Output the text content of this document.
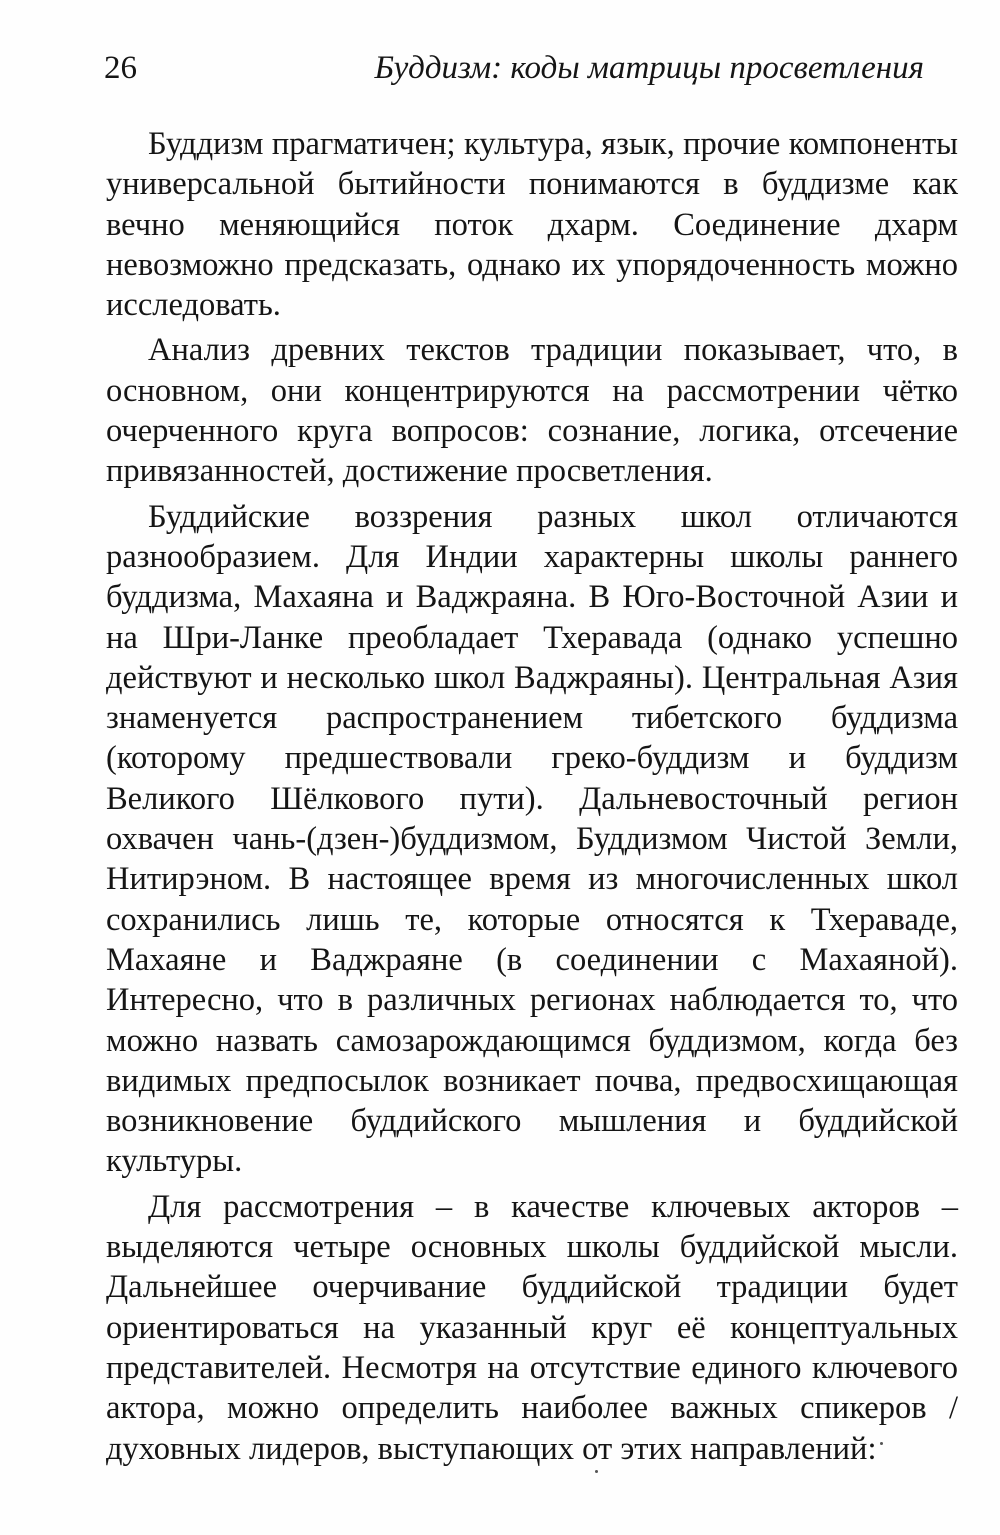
26	Буддизм: коды матрицы просветления

Буддизм прагматичен; культура, язык, прочие компоненты универсальной бытийности понимаются в буддизме как вечно меняющийся поток дхарм. Соединение дхарм невозможно предсказать, однако их упорядоченность можно исследовать.

Анализ древних текстов традиции показывает, что, в основном, они концентрируются на рассмотрении чётко очерченного круга вопросов: сознание, логика, отсечение привязанностей, достижение просветления.

Буддийские воззрения разных школ отличаются разнообразием. Для Индии характерны школы раннего буддизма, Махаяна и Ваджраяна. В Юго-Восточной Азии и на Шри-Ланке преобладает Тхеравада (однако успешно действуют и несколько школ Ваджраяны). Центральная Азия знаменуется распространением тибетского буддизма (которому предшествовали греко-буддизм и буддизм Великого Шёлкового пути). Дальневосточный регион охвачен чань-(дзен-)буддизмом, Буддизмом Чистой Земли, Нитирэном. В настоящее время из многочисленных школ сохранились лишь те, которые относятся к Тхераваде, Махаяне и Ваджраяне (в соединении с Махаяной). Интересно, что в различных регионах наблюдается то, что можно назвать самозарождающимся буддизмом, когда без видимых предпосылок возникает почва, предвосхищающая возникновение буддийского мышления и буддийской культуры.

Для рассмотрения – в качестве ключевых акторов – выделяются четыре основных школы буддийской мысли. Дальнейшее очерчивание буддийской традиции будет ориентироваться на указанный круг её концептуальных представителей. Несмотря на отсутствие единого ключевого актора, можно определить наиболее важных спикеров / духовных лидеров, выступающих от этих направлений:
